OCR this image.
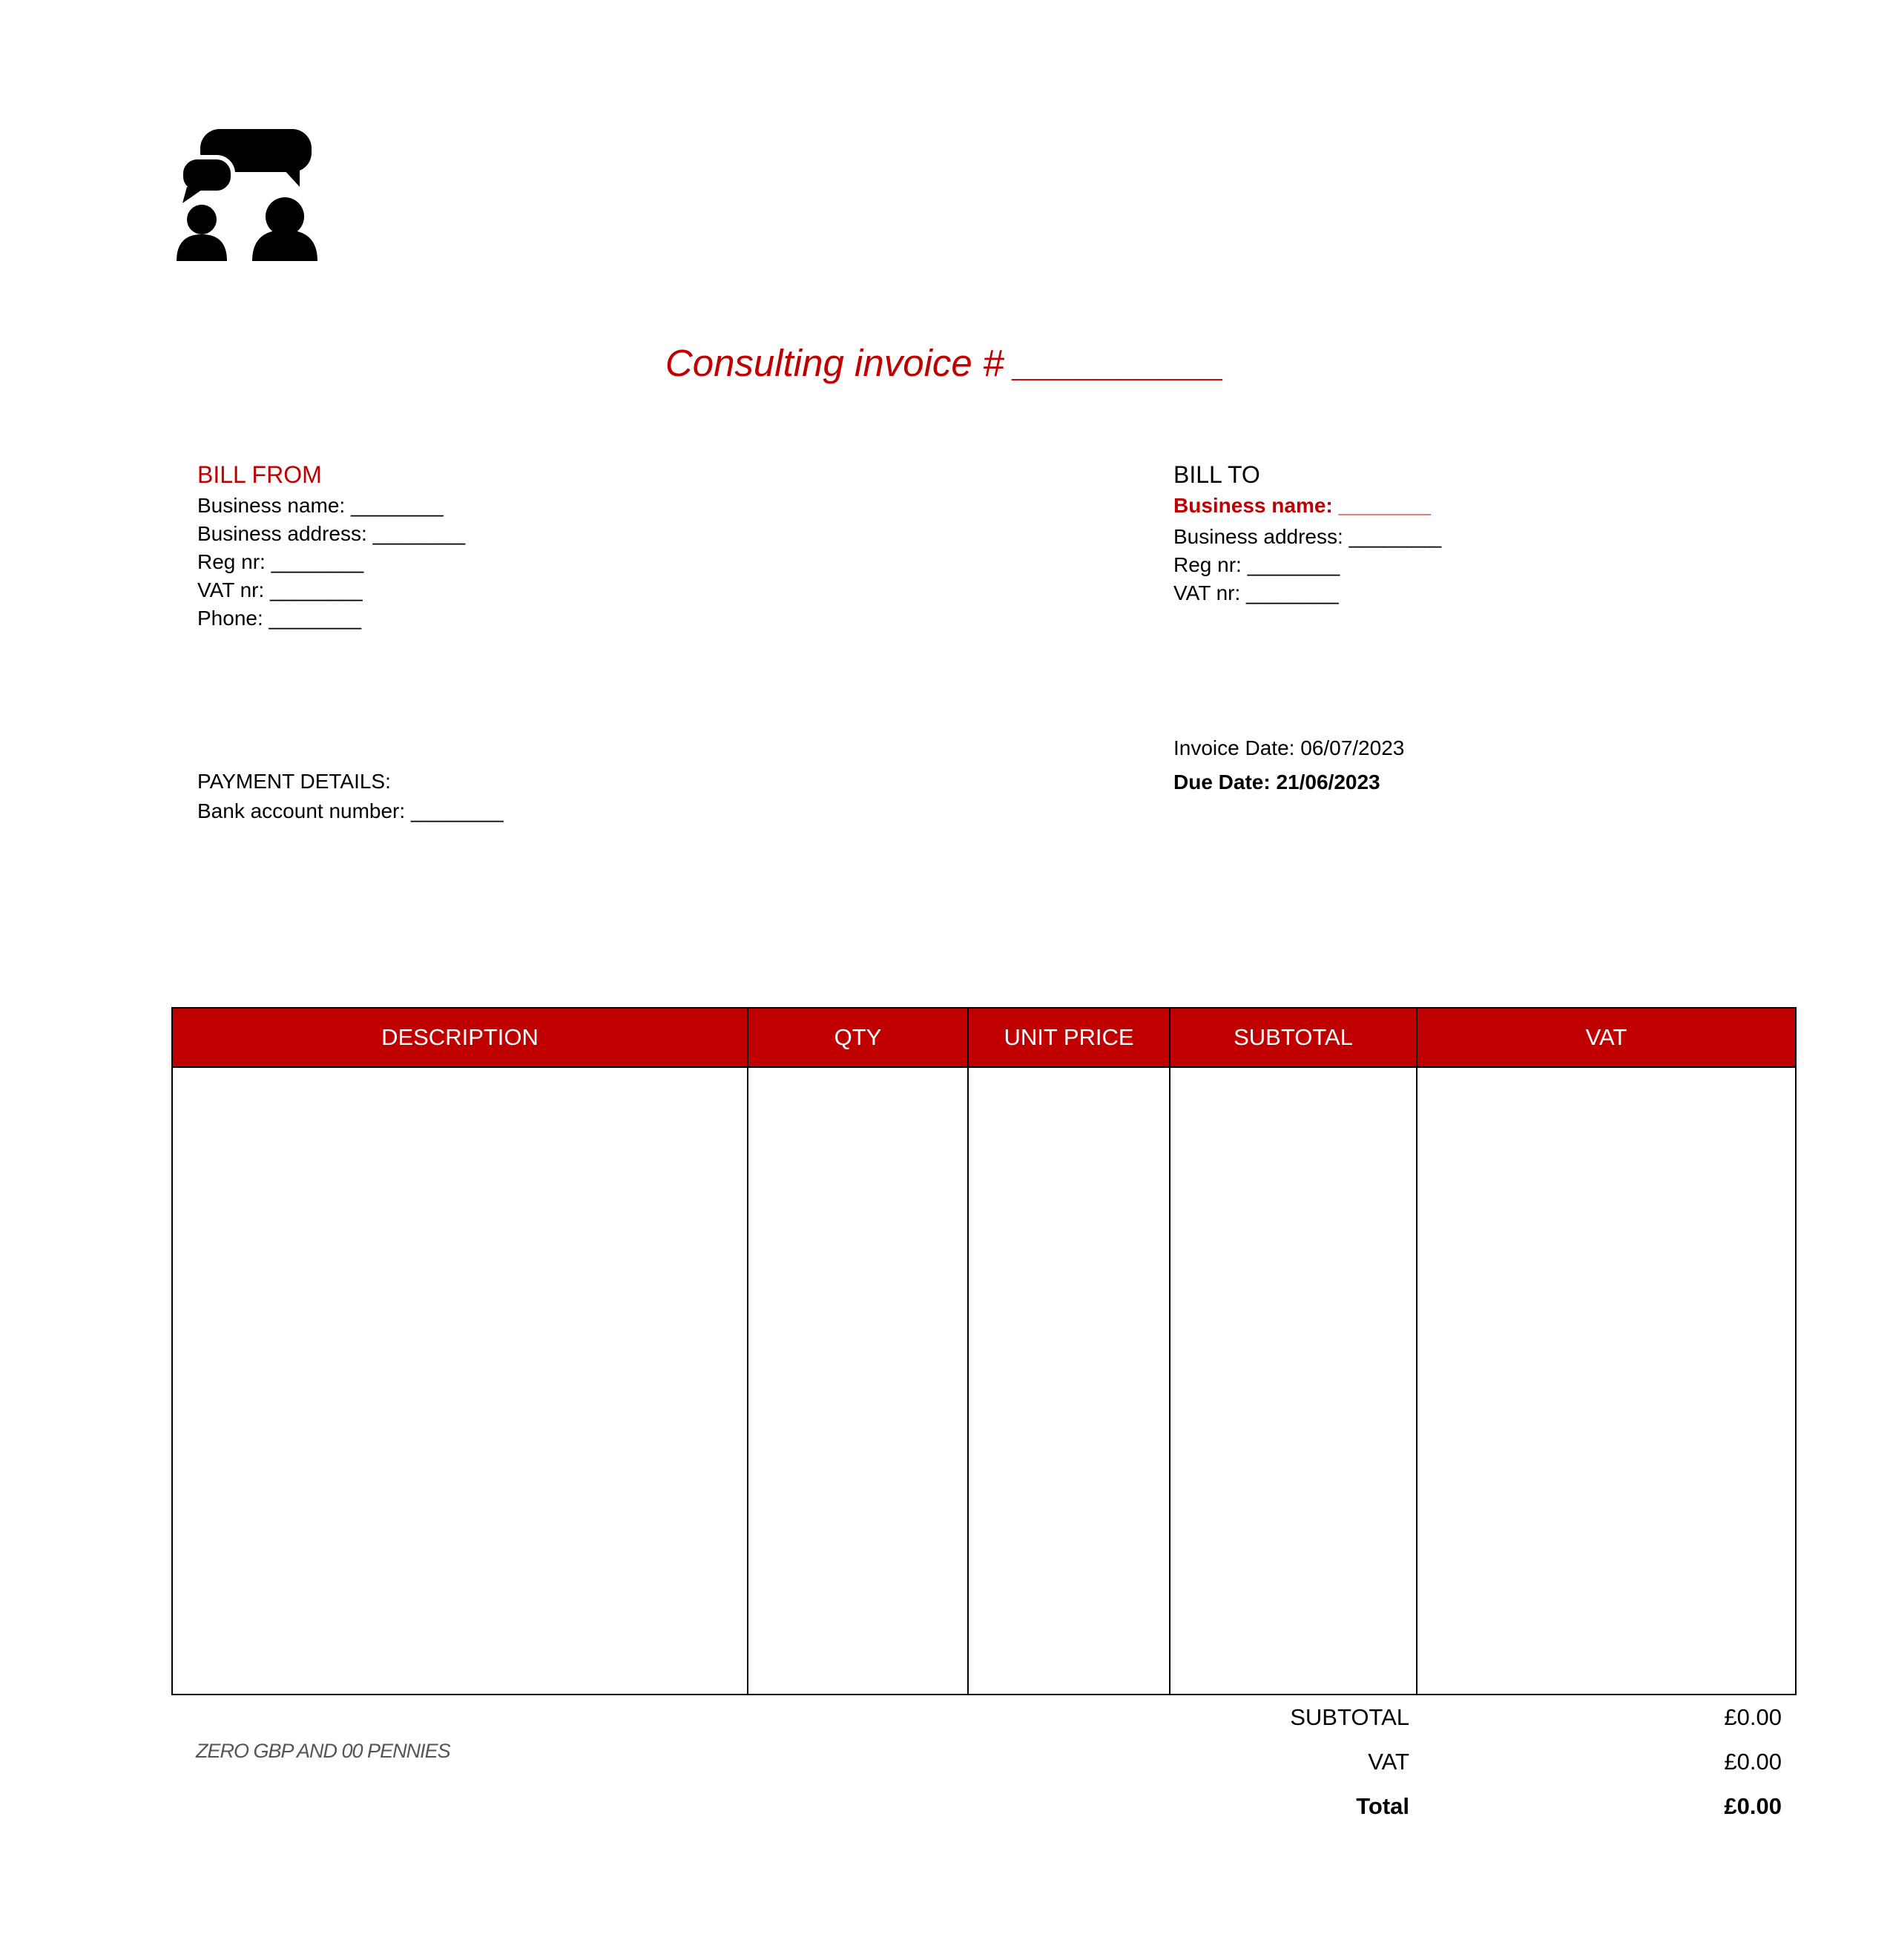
Consulting invoice # __________
BILL FROM
Business name: ________
Business address: ________
Reg nr: ________
VAT nr: ________
Phone: ________
BILL TO
Business name: ________
Business address: ________
Reg nr: ________
VAT nr: ________
Invoice Date: 06/07/2023
Due Date: 21/06/2023
PAYMENT DETAILS:
Bank account number: ________
DESCRIPTION	QTY	UNIT PRICE	SUBTOTAL	VAT

ZERO GBP AND 00 PENNIES
SUBTOTAL	£0.00
VAT	£0.00
Total	£0.00
